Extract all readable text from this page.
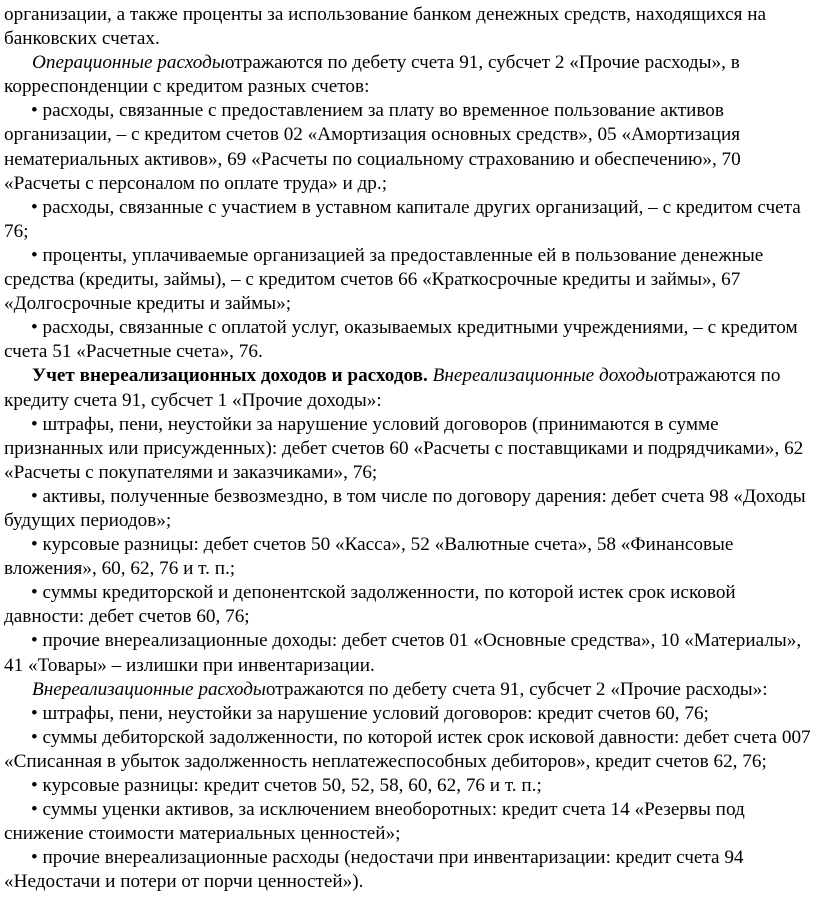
организации, а также проценты за использование банком денежных средств, находящихся на банковских счетах.

Операционные расходыотражаются по дебету счета 91, субсчет 2 «Прочие расходы», в корреспонденции с кредитом разных счетов:

• расходы, связанные с предоставлением за плату во временное пользование активов организации, – с кредитом счетов 02 «Амортизация основных средств», 05 «Амортизация нематериальных активов», 69 «Расчеты по социальному страхованию и обеспечению», 70 «Расчеты с персоналом по оплате труда» и др.;

• расходы, связанные с участием в уставном капитале других организаций, – с кредитом счета 76;

• проценты, уплачиваемые организацией за предоставленные ей в пользование денежные средства (кредиты, займы), – с кредитом счетов 66 «Краткосрочные кредиты и займы», 67 «Долгосрочные кредиты и займы»;

• расходы, связанные с оплатой услуг, оказываемых кредитными учреждениями, – с кредитом счета 51 «Расчетные счета», 76.

Учет внереализационных доходов и расходов. Внереализационные доходыотражаются по кредиту счета 91, субсчет 1 «Прочие доходы»:

• штрафы, пени, неустойки за нарушение условий договоров (принимаются в сумме признанных или присужденных): дебет счетов 60 «Расчеты с поставщиками и подрядчиками», 62 «Расчеты с покупателями и заказчиками», 76;

• активы, полученные безвозмездно, в том числе по договору дарения: дебет счета 98 «Доходы будущих периодов»;

• курсовые разницы: дебет счетов 50 «Касса», 52 «Валютные счета», 58 «Финансовые вложения», 60, 62, 76 и т. п.;

• суммы кредиторской и депонентской задолженности, по которой истек срок исковой давности: дебет счетов 60, 76;

• прочие внереализационные доходы: дебет счетов 01 «Основные средства», 10 «Материалы», 41 «Товары» – излишки при инвентаризации.

Внереализационные расходыотражаются по дебету счета 91, субсчет 2 «Прочие расходы»:

• штрафы, пени, неустойки за нарушение условий договоров: кредит счетов 60, 76;

• суммы дебиторской задолженности, по которой истек срок исковой давности: дебет счета 007 «Списанная в убыток задолженность неплатежеспособных дебиторов», кредит счетов 62, 76;

• курсовые разницы: кредит счетов 50, 52, 58, 60, 62, 76 и т. п.;

• суммы уценки активов, за исключением внеоборотных: кредит счета 14 «Резервы под снижение стоимости материальных ценностей»;

• прочие внереализационные расходы (недостачи при инвентаризации: кредит счета 94 «Недостачи и потери от порчи ценностей»).
